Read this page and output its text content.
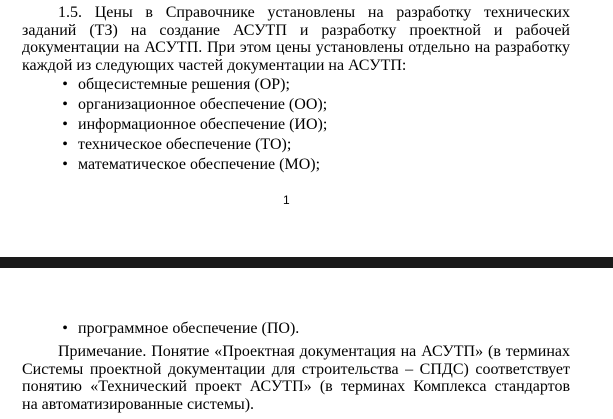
1.5. Цены в Справочнике установлены на разработку технических
заданий (ТЗ) на создание АСУТП и разработку проектной и рабочей
документации на АСУТП. При этом цены установлены отдельно на разработку
каждой из следующих частей документации на АСУТП:
• общесистемные решения (ОР);
• организационное обеспечение (ОО);
• информационное обеспечение (ИО);
• техническое обеспечение (ТО);
• математическое обеспечение (МО);
1
• программное обеспечение (ПО).
Примечание. Понятие «Проектная документация на АСУТП» (в терминах
Системы проектной документации для строительства – СПДС) соответствует
понятию «Технический проект АСУТП» (в терминах Комплекса стандартов
на автоматизированные системы).
